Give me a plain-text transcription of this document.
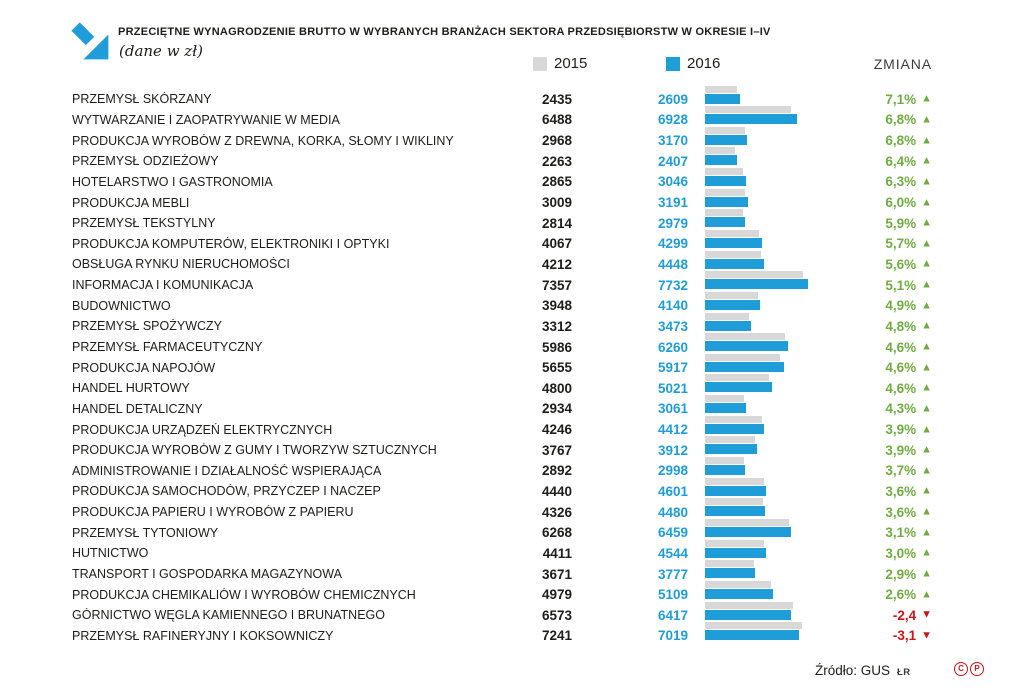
PRZECIĘTNE WYNAGRODZENIE BRUTTO W WYBRANYCH BRANŻACH SEKTORA PRZEDSIĘBIORSTW W OKRESIE I–IV
(dane w zł)
2015	2016	ZMIANA
PRZEMYSŁ SKÓRZANY	2435	2609	7,1% ▲
WYTWARZANIE I ZAOPATRYWANIE W MEDIA	6488	6928	6,8% ▲
PRODUKCJA WYROBÓW Z DREWNA, KORKA, SŁOMY I WIKLINY	2968	3170	6,8% ▲
PRZEMYSŁ ODZIEŻOWY	2263	2407	6,4% ▲
HOTELARSTWO I GASTRONOMIA	2865	3046	6,3% ▲
PRODUKCJA MEBLI	3009	3191	6,0% ▲
PRZEMYSŁ TEKSTYLNY	2814	2979	5,9% ▲
PRODUKCJA KOMPUTERÓW, ELEKTRONIKI I OPTYKI	4067	4299	5,7% ▲
OBSŁUGA RYNKU NIERUCHOMOŚCI	4212	4448	5,6% ▲
INFORMACJA I KOMUNIKACJA	7357	7732	5,1% ▲
BUDOWNICTWO	3948	4140	4,9% ▲
PRZEMYSŁ SPOŻYWCZY	3312	3473	4,8% ▲
PRZEMYSŁ FARMACEUTYCZNY	5986	6260	4,6% ▲
PRODUKCJA NAPOJÓW	5655	5917	4,6% ▲
HANDEL HURTOWY	4800	5021	4,6% ▲
HANDEL DETALICZNY	2934	3061	4,3% ▲
PRODUKCJA URZĄDZEŃ ELEKTRYCZNYCH	4246	4412	3,9% ▲
PRODUKCJA WYROBÓW Z GUMY I TWORZYW SZTUCZNYCH	3767	3912	3,9% ▲
ADMINISTROWANIE I DZIAŁALNOŚĆ WSPIERAJĄCA	2892	2998	3,7% ▲
PRODUKCJA SAMOCHODÓW, PRZYCZEP I NACZEP	4440	4601	3,6% ▲
PRODUKCJA PAPIERU I WYROBÓW Z PAPIERU	4326	4480	3,6% ▲
PRZEMYSŁ TYTONIOWY	6268	6459	3,1% ▲
HUTNICTWO	4411	4544	3,0% ▲
TRANSPORT I GOSPODARKA MAGAZYNOWA	3671	3777	2,9% ▲
PRODUKCJA CHEMIKALIÓW I WYROBÓW CHEMICZNYCH	4979	5109	2,6% ▲
GÓRNICTWO WĘGLA KAMIENNEGO I BRUNATNEGO	6573	6417	-2,4 ▼
PRZEMYSŁ RAFINERYJNY I KOKSOWNICZY	7241	7019	-3,1 ▼
Źródło: GUS ŁR	C	P
